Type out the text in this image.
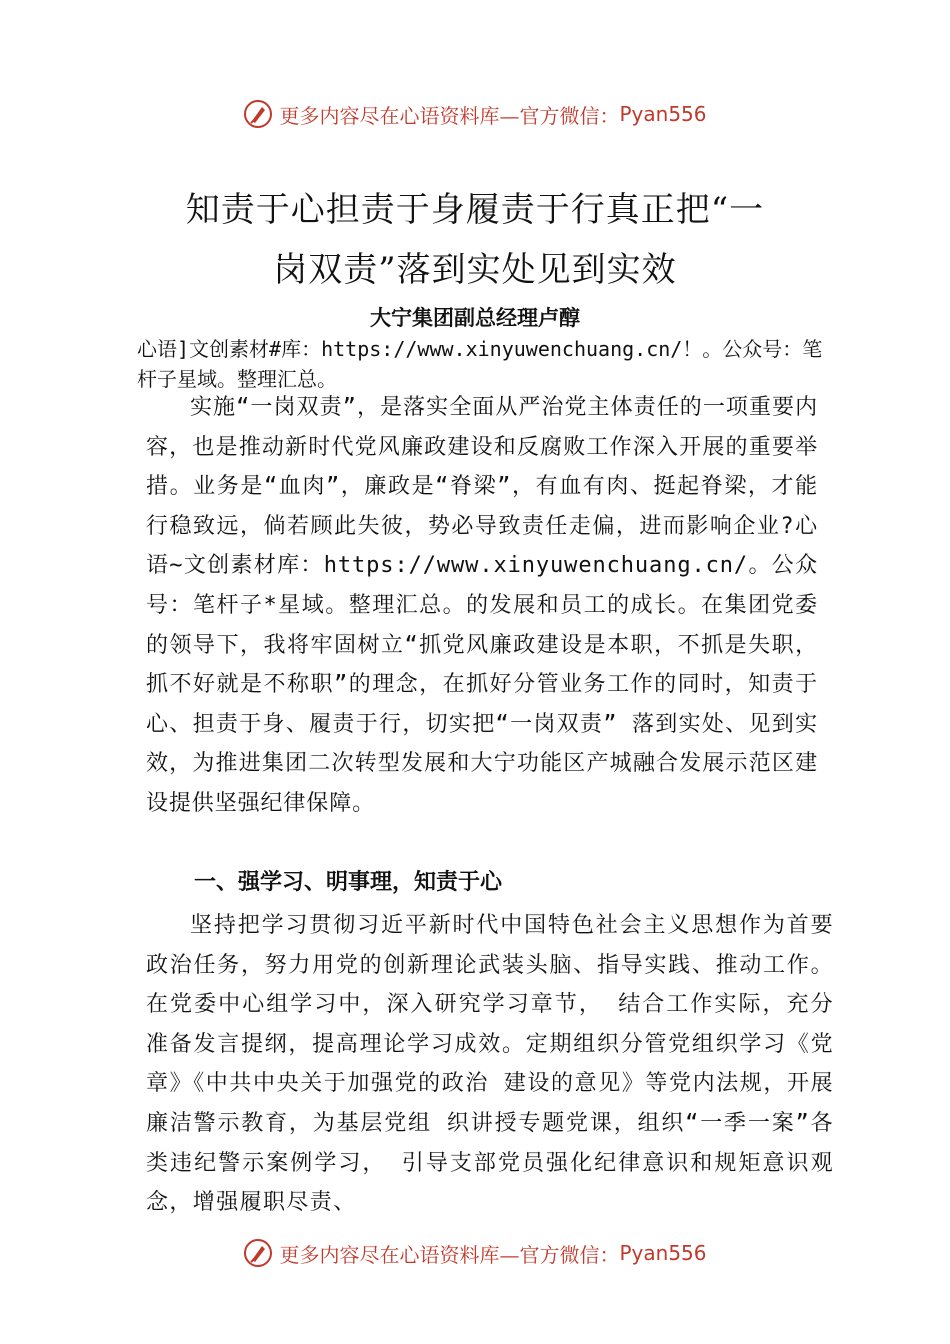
更多内容尽在心语资料库—官方微信： Pyan556
知责于心担责于身履责于行真正把“一
岗双责”落到实处见到实效
大宁集团副总经理卢醇

心语]文创素材#库：https://www.xinyuwenchuang.cn/！。公众号：笔杆子星域。整理汇总。

实施“一岗双责”，是落实全面从严治党主体责任的一项重要内容，也是推动新时代党风廉政建设和反腐败工作深入开展的重要举措。业务是“血肉”，廉政是“脊梁”，有血有肉、挺起脊梁，才能行稳致远，倘若顾此失彼，势必导致责任走偏，进而影响企业?心语~文创素材库：https://www.xinyuwenchuang.cn/。公众号：笔杆子*星域。整理汇总。的发展和员工的成长。在集团党委的领导下，我将牢固树立“抓党风廉政建设是本职，不抓是失职，抓不好就是不称职”的理念，在抓好分管业务工作的同时，知责于心、担责于身、履责于行，切实把“一岗双责” 落到实处、见到实效，为推进集团二次转型发展和大宁功能区产城融合发展示范区建设提供坚强纪律保障。

一、强学习、明事理，知责于心

坚持把学习贯彻习近平新时代中国特色社会主义思想作为首要政治任务，努力用党的创新理论武装头脑、指导实践、推动工作。在党委中心组学习中，深入研究学习章节， 结合工作实际，充分准备发言提纲，提高理论学习成效。定期组织分管党组织学习《党章》《中共中央关于加强党的政治 建设的意见》等党内法规，开展廉洁警示教育，为基层党组 织讲授专题党课，组织“一季一案”各类违纪警示案例学习， 引导支部党员强化纪律意识和规矩意识观念，增强履职尽责、

更多内容尽在心语资料库—官方微信： Pyan556
